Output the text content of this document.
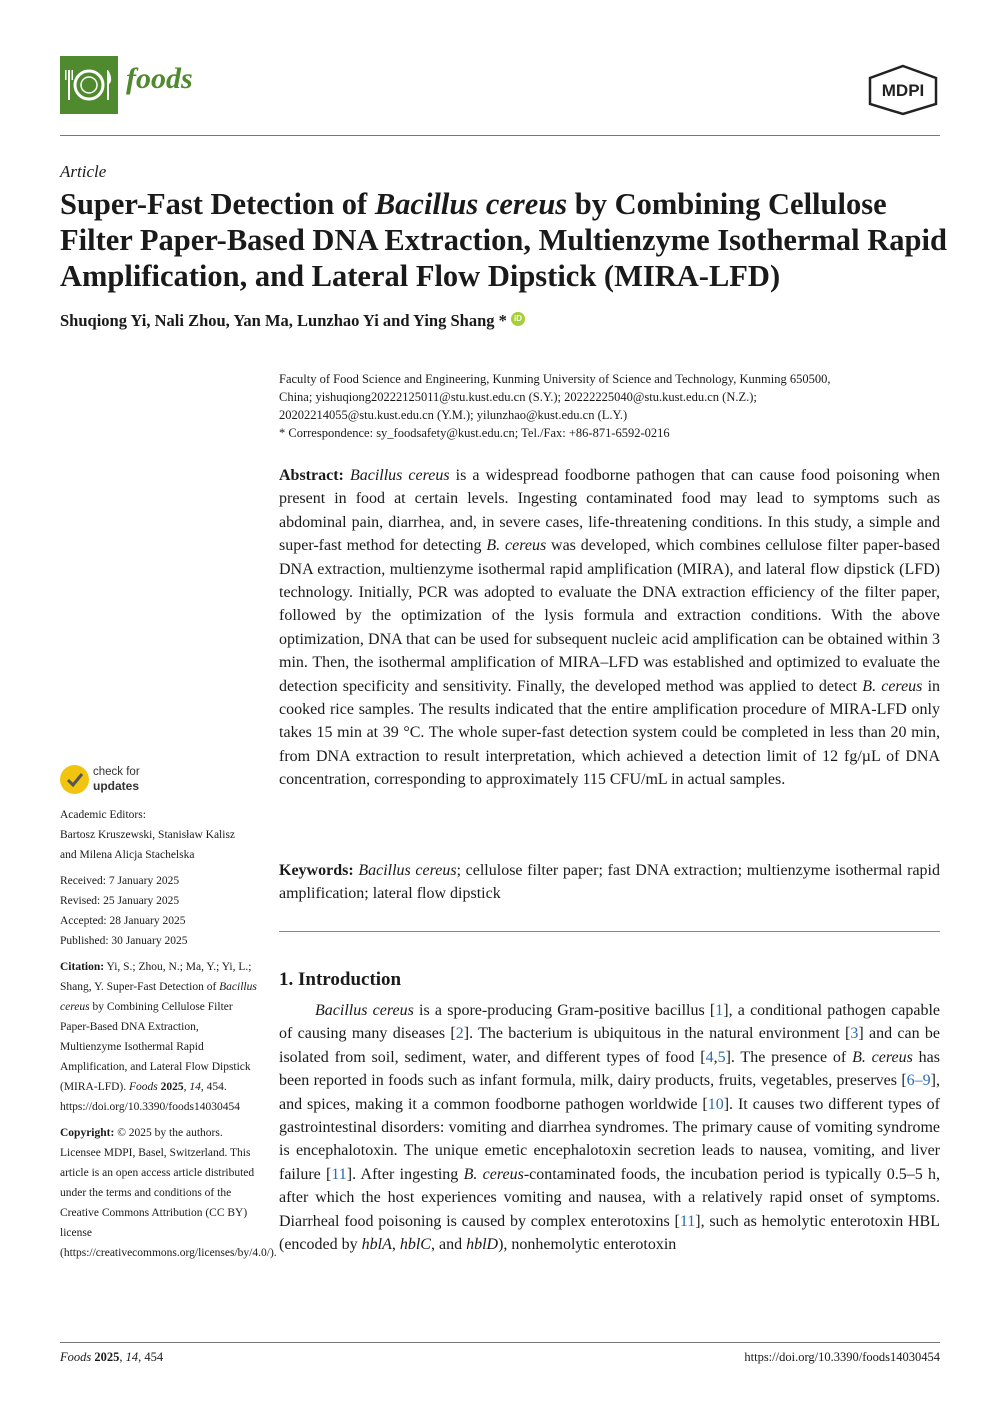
foods	MDPI
Article
Super-Fast Detection of Bacillus cereus by Combining Cellulose Filter Paper-Based DNA Extraction, Multienzyme Isothermal Rapid Amplification, and Lateral Flow Dipstick (MIRA-LFD)
Shuqiong Yi, Nali Zhou, Yan Ma, Lunzhao Yi and Ying Shang * iD

Faculty of Food Science and Engineering, Kunming University of Science and Technology, Kunming 650500,

China; yishuqiong20222125011@stu.kust.edu.cn (S.Y.); 20222225040@stu.kust.edu.cn (N.Z.);

20202214055@stu.kust.edu.cn (Y.M.); yilunzhao@kust.edu.cn (L.Y.)

* Correspondence: sy_foodsafety@kust.edu.cn; Tel./Fax: +86-871-6592-0216

Abstract: Bacillus cereus is a widespread foodborne pathogen that can cause food poisoning when present in food at certain levels. Ingesting contaminated food may lead to symptoms such as abdominal pain, diarrhea, and, in severe cases, life-threatening conditions. In this study, a simple and super-fast method for detecting B. cereus was developed, which combines cellulose filter paper-based DNA extraction, multienzyme isothermal rapid amplification (MIRA), and lateral flow dipstick (LFD) technology. Initially, PCR was adopted to evaluate the DNA extraction efficiency of the filter paper, followed by the optimization of the lysis formula and extraction conditions. With the above optimization, DNA that can be used for subsequent nucleic acid amplification can be obtained within 3 min. Then, the isothermal amplification of MIRA–LFD was established and optimized to evaluate the detection specificity and sensitivity. Finally, the developed method was applied to detect B. cereus in cooked rice samples. The results indicated that the entire amplification procedure of MIRA-LFD only takes 15 min at 39 °C. The whole super-fast detection system could be completed in less than 20 min, from DNA extraction to result interpretation, which achieved a detection limit of 12 fg/µL of DNA concentration, corresponding to approximately 115 CFU/mL in actual samples.
Keywords: Bacillus cereus; cellulose filter paper; fast DNA extraction; multienzyme isothermal rapid amplification; lateral flow dipstick
1. Introduction

Bacillus cereus is a spore-producing Gram-positive bacillus [1], a conditional pathogen capable of causing many diseases [2]. The bacterium is ubiquitous in the natural environment [3] and can be isolated from soil, sediment, water, and different types of food [4,5]. The presence of B. cereus has been reported in foods such as infant formula, milk, dairy products, fruits, vegetables, preserves [6–9], and spices, making it a common foodborne pathogen worldwide [10]. It causes two different types of gastrointestinal disorders: vomiting and diarrhea syndromes. The primary cause of vomiting syndrome is encephalotoxin. The unique emetic encephalotoxin secretion leads to nausea, vomiting, and liver failure [11]. After ingesting B. cereus-contaminated foods, the incubation period is typically 0.5–5 h, after which the host experiences vomiting and nausea, with a relatively rapid onset of symptoms. Diarrheal food poisoning is caused by complex enterotoxins [11], such as hemolytic enterotoxin HBL (encoded by hblA, hblC, and hblD), nonhemolytic enterotoxin

check for
updates

Academic Editors:

Bartosz Kruszewski, Stanisław Kalisz

and Milena Alicja Stachelska

Received: 7 January 2025

Revised: 25 January 2025

Accepted: 28 January 2025

Published: 30 January 2025

Citation: Yi, S.; Zhou, N.; Ma, Y.; Yi, L.; Shang, Y. Super-Fast Detection of Bacillus cereus by Combining Cellulose Filter Paper-Based DNA Extraction, Multienzyme Isothermal Rapid Amplification, and Lateral Flow Dipstick (MIRA-LFD). Foods 2025, 14, 454. https://doi.org/10.3390/foods14030454

Copyright: © 2025 by the authors. Licensee MDPI, Basel, Switzerland. This article is an open access article distributed under the terms and conditions of the Creative Commons Attribution (CC BY) license (https://creativecommons.org/licenses/by/4.0/).

Foods 2025, 14, 454	https://doi.org/10.3390/foods14030454
